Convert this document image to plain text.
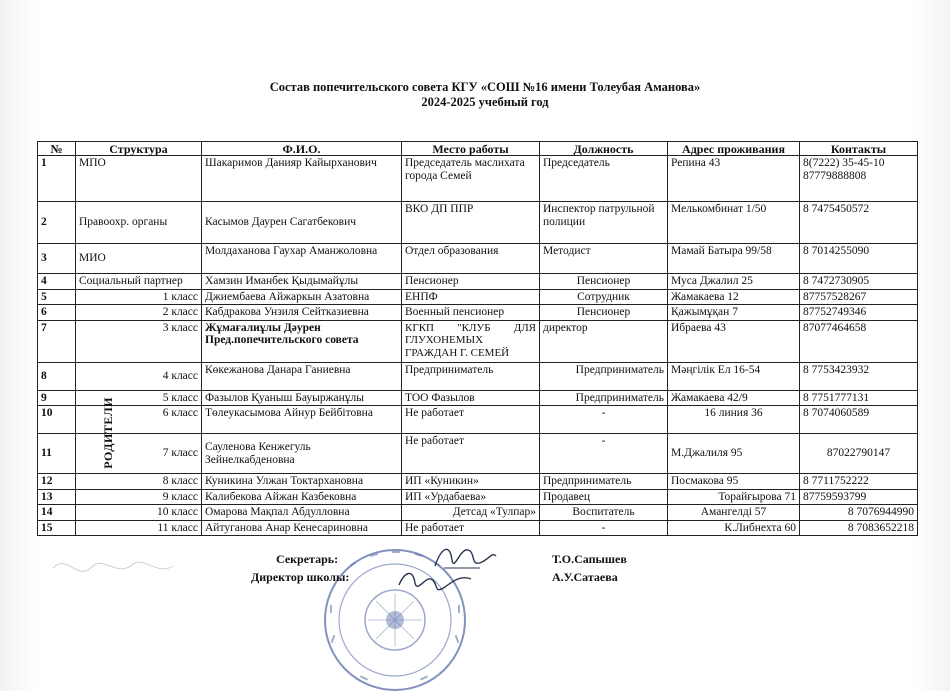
Состав попечительского совета КГУ «СОШ №16 имени Толеубая Аманова»
2024-2025 учебный год
№	Структура	Ф.И.О.	Место работы	Должность	Адрес проживания	Контакты
1	МПО	Шакаримов Данияр Кайырханович	Председатель маслихата города Семей	Председатель	Репина 43	8(7222) 35-45-10 87779888808
2	Правоохр. органы	Касымов Даурен Сагатбекович	ВКО ДП ППР	Инспектор патрульной полиции	Мелькомбинат 1/50	8 7475450572
3	МИО	Молдаханова Гаухар Аманжоловна	Отдел образования	Методист	Мамай Батыра 99/58	8 7014255090
4	Социальный партнер	Хамзин Иманбек Қыдымайұлы	Пенсионер	Пенсионер	Муса Джалил 25	8 7472730905
5	1 класс	Джиембаева Айжаркын Азатовна	ЕНПФ	Сотрудник	Жамакаева 12	87757528267
6	2 класс	Кабдракова Унзиля Сейтказиевна	Военный пенсионер	Пенсионер	Қажымұқан 7	87752749346
7	3 класс	Жұмағалиұлы Дәурен Пред.попечительского совета	КГКП "КЛУБ ДЛЯ ГЛУХОНЕМЫХ ГРАЖДАН Г. СЕМЕЙ	директор	Ибраева 43	87077464658
8	4 класс	Көкежанова Данара Ганиевна	Предприниматель	Предприниматель	Мәңгілік Ел 16-54	8 7753423932
9	5 класс	Фазылов Қуаныш Бауыржанұлы	ТОО Фазылов	Предприниматель	Жамакаева 42/9	8 7751777131
10	6 класс	Төлеукасымова Айнур Бейбітовна	Не работает	-	16 линия 36	8 7074060589
11	7 класс	Сауленова Кенжегуль Зейнелкабденовна	Не работает	-	М.Джалиля 95	87022790147
12	8 класс	Куникина Улжан Токтархановна	ИП «Куникин»	Предприниматель	Посмакова 95	8 7711752222
13	9 класс	Калибекова Айжан Казбековна	ИП «Урдабаева»	Продавец	Торайғырова 71	87759593799
14	10 класс	Омарова Мақпал Абдулловна	Детсад «Тулпар»	Воспитатель	Амангелді 57	8 7076944990
15	11 класс	Айтуганова Анар Кенесариновна	Не работает	-	К.Либнехта 60	8 7083652218
РОДИТЕЛИ
Секретарь:
Директор школы:
Т.О.Сапышев
А.У.Сатаева
